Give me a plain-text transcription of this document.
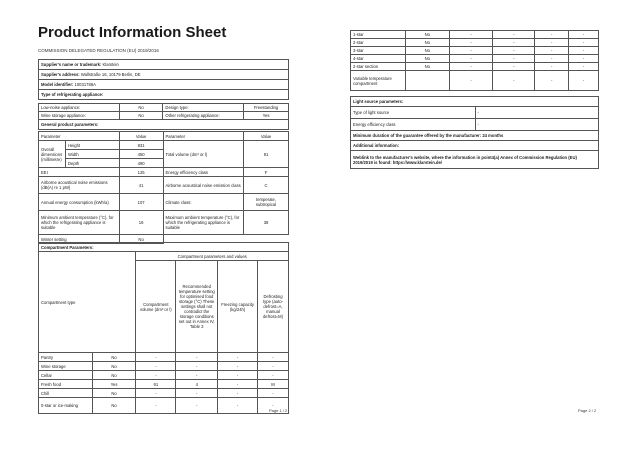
Product Information Sheet
COMMISSION DELEGATED REGULATION (EU) 2019/2016
Supplier's name or trademark: Klarstein
Supplier's address: Wallstraße 16, 10179 Berlin, DE
Model identifier: 10031786A
Type of refrigerating appliance:
Low-noise appliance:	No	Design type:	Freestanding
Wine storage appliance:	No	Other refrigerating appliance:	Yes
General product parameters:			
Parameter		Value	Parameter	Value
Overall dimensions (millimetre)	Height	831	Total volume (dm³ or l)	91
	Width	450		
	Depth	490		
EEI		125	Energy efficiency class	F
Airborne acoustical noise emissions (dB(A) re 1 pW)		41	Airborne acoustical noise emission class	C
Annual energy consumption (kWh/a)		107	Climate class:	temperate, subtropical
Minimum ambient temperature (°C), for which the refrigerating appliance is suitable		16	Maximum ambient temperature (°C), for which the refrigerating appliance is suitable	38
Winter setting		No		
Compartment Parameters:					
Compartment type		Compartment parameters and values			
		Compartment volume (dm³ or l)	Recommended temperature setting for optimised food storage (°C) These settings shall not contradict the storage conditions set out in Annex IV, Table 3	Freezing capacity (kg/24h)	Defrosting type (auto-defrost=A, manual defrost=M)
Pantry	No	-	-	-	-
Wine storage	No	-	-	-	-
Cellar	No	-	-	-	-
Fresh food	Yes	91	4	-	M
Chill	No	-	-	-	-
0-star or ice-making	No	-	-	-	-
Page 1 / 2
1-star	No	-	-	-	-
2-star	No	-	-	-	-
3-star	No	-	-	-	-
4-star	No	-	-	-	-
2-star section	No	-	-	-	-
Variable temperature compartment		-	-	-	-
Light source parameters:	
Type of light source	-
Energy efficiency class	-
Minimum duration of the guarantee offered by the manufacturer: 24 months	
Additional information:	
Weblink to the manufacturer's website, where the information in point4(a) Annex of Commission Regulation (EU) 2019/2019 is found: https://www.klarstein.de/	
Page 2 / 2
